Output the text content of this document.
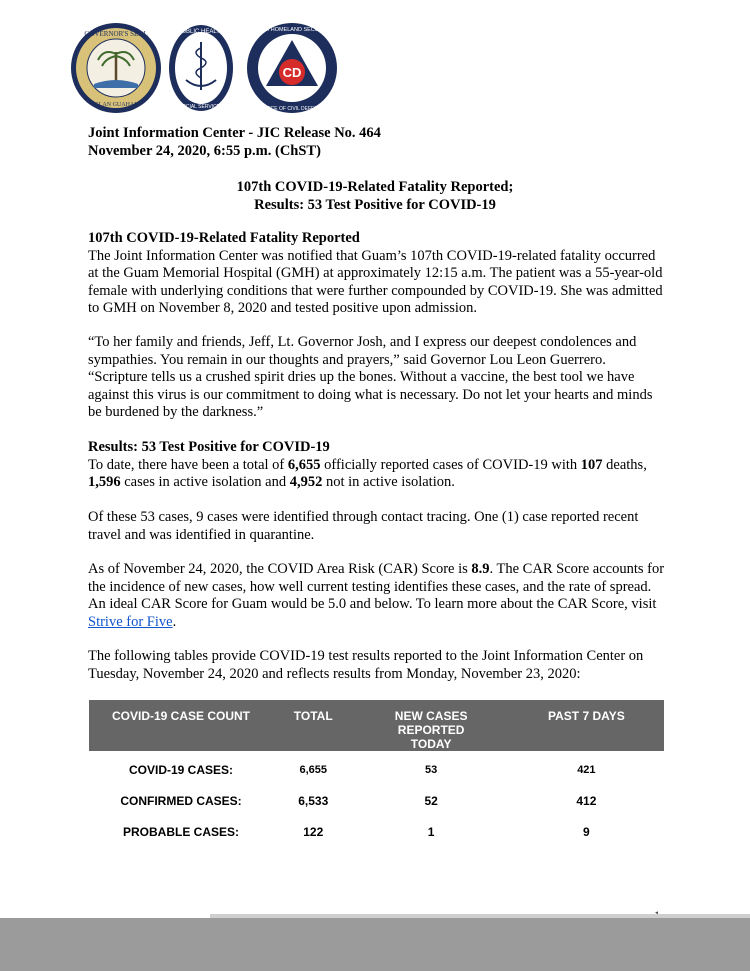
GOVERNOR'S SEAL
ISLAN GUAHAN
PUBLIC HEALTH
SOCIAL SERVICES
CD
GUAM HOMELAND SECURITY
OFFICE OF CIVIL DEFENSE
Joint Information Center - JIC Release No. 464
November 24, 2020, 6:55 p.m. (ChST)
107th COVID-19-Related Fatality Reported;
Results: 53 Test Positive for COVID-19

107th COVID-19-Related Fatality Reported

The Joint Information Center was notified that Guam’s 107th COVID-19-related fatality occurred at the Guam Memorial Hospital (GMH) at approximately 12:15 a.m. The patient was a 55-year-old female with underlying conditions that were further compounded by COVID-19. She was admitted to GMH on November 8, 2020 and tested positive upon admission.

“To her family and friends, Jeff, Lt. Governor Josh, and I express our deepest condolences and sympathies. You remain in our thoughts and prayers,” said Governor Lou Leon Guerrero. “Scripture tells us a crushed spirit dries up the bones. Without a vaccine, the best tool we have against this virus is our commitment to doing what is necessary. Do not let your hearts and minds be burdened by the darkness.”

Results: 53 Test Positive for COVID-19

To date, there have been a total of 6,655 officially reported cases of COVID-19 with 107 deaths, 1,596 cases in active isolation and 4,952 not in active isolation.

Of these 53 cases, 9 cases were identified through contact tracing. One (1) case reported recent travel and was identified in quarantine.

As of November 24, 2020, the COVID Area Risk (CAR) Score is 8.9. The CAR Score accounts for the incidence of new cases, how well current testing identifies these cases, and the rate of spread. An ideal CAR Score for Guam would be 5.0 and below. To learn more about the CAR Score, visit Strive for Five.

The following tables provide COVID-19 test results reported to the Joint Information Center on Tuesday, November 24, 2020 and reflects results from Monday, November 23, 2020:

COVID-19 CASE COUNT	TOTAL	NEW CASES REPORTED TODAY	PAST 7 DAYS
COVID-19 CASES:	6,655	53	421
CONFIRMED CASES:	6,533	52	412
PROBABLE CASES:	122	1	9
